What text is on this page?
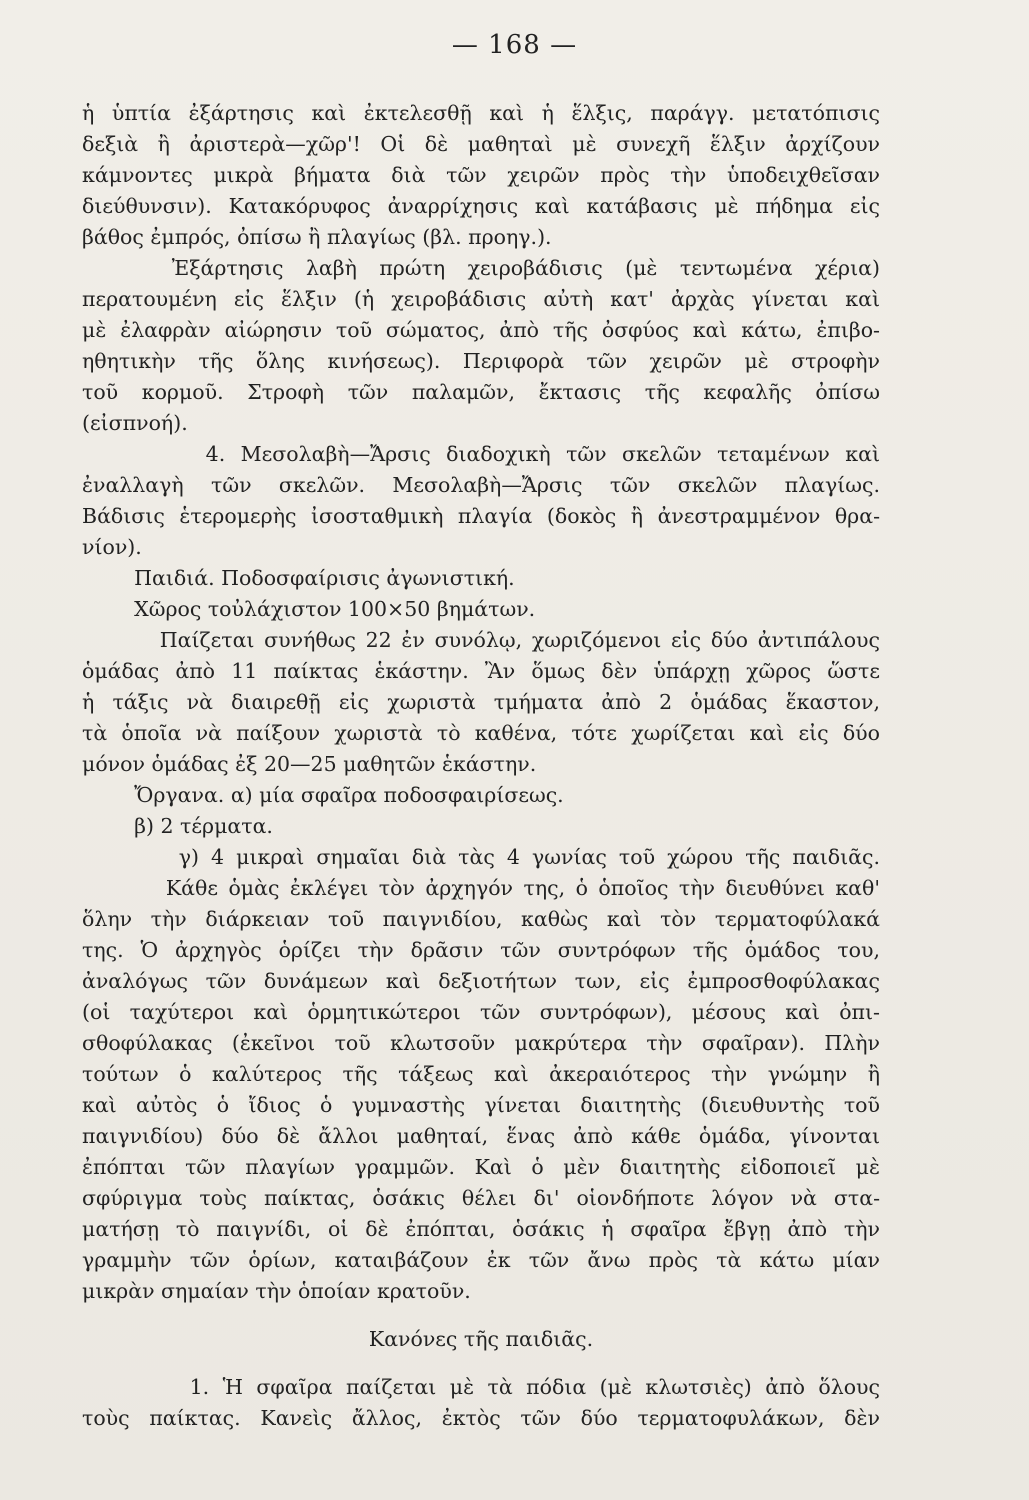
— 168 —
ἡ ὑπτία ἐξάρτησις καὶ ἐκτελεσθῇ καὶ ἡ ἕλξις, παράγγ. μετατόπισις
δεξιὰ ἢ ἀριστερὰ—χῶρ'! Οἱ δὲ μαθηταὶ μὲ συνεχῆ ἕλξιν ἀρχίζουν
κάμνοντες μικρὰ βήματα διὰ τῶν χειρῶν πρὸς τὴν ὑποδειχθεῖσαν
διεύθυνσιν). Κατακόρυφος ἀναρρίχησις καὶ κατάβασις μὲ πήδημα εἰς
βάθος ἐμπρός, ὀπίσω ἢ πλαγίως (βλ. προηγ.).
Ἐξάρτησις λαβὴ πρώτη χειροβάδισις (μὲ τεντωμένα χέρια)
περατουμένη εἰς ἕλξιν (ἡ χειροβάδισις αὐτὴ κατ' ἀρχὰς γίνεται καὶ
μὲ ἐλαφρὰν αἰώρησιν τοῦ σώματος, ἀπὸ τῆς ὀσφύος καὶ κάτω, ἐπιβο-
ηθητικὴν τῆς ὅλης κινήσεως). Περιφορὰ τῶν χειρῶν μὲ στροφὴν
τοῦ κορμοῦ. Στροφὴ τῶν παλαμῶν, ἔκτασις τῆς κεφαλῆς ὀπίσω
(εἰσπνοή).
4. Μεσολαβὴ—Ἄρσις διαδοχικὴ τῶν σκελῶν τεταμένων καὶ
ἐναλλαγὴ τῶν σκελῶν. Μεσολαβὴ—Ἄρσις τῶν σκελῶν πλαγίως.
Βάδισις ἑτερομερὴς ἰσοσταθμικὴ πλαγία (δοκὸς ἢ ἀνεστραμμένον θρα-
νίον).
Παιδιά. Ποδοσφαίρισις ἀγωνιστική.
Χῶρος τοὐλάχιστον 100×50 βημάτων.
Παίζεται συνήθως 22 ἐν συνόλῳ, χωριζόμενοι εἰς δύο ἀντιπάλους
ὁμάδας ἀπὸ 11 παίκτας ἑκάστην. Ἂν ὅμως δὲν ὑπάρχῃ χῶρος ὥστε
ἡ τάξις νὰ διαιρεθῇ εἰς χωριστὰ τμήματα ἀπὸ 2 ὁμάδας ἕκαστον,
τὰ ὁποῖα νὰ παίξουν χωριστὰ τὸ καθένα, τότε χωρίζεται καὶ εἰς δύο
μόνον ὁμάδας ἐξ 20—25 μαθητῶν ἑκάστην.
Ὄργανα. α) μία σφαῖρα ποδοσφαιρίσεως.
β) 2 τέρματα.
γ) 4 μικραὶ σημαῖαι διὰ τὰς 4 γωνίας τοῦ χώρου τῆς παιδιᾶς.
Κάθε ὁμὰς ἐκλέγει τὸν ἀρχηγόν της, ὁ ὁποῖος τὴν διευθύνει καθ'
ὅλην τὴν διάρκειαν τοῦ παιγνιδίου, καθὼς καὶ τὸν τερματοφύλακά
της. Ὁ ἀρχηγὸς ὁρίζει τὴν δρᾶσιν τῶν συντρόφων τῆς ὁμάδος του,
ἀναλόγως τῶν δυνάμεων καὶ δεξιοτήτων των, εἰς ἐμπροσθοφύλακας
(οἱ ταχύτεροι καὶ ὁρμητικώτεροι τῶν συντρόφων), μέσους καὶ ὀπι-
σθοφύλακας (ἐκεῖνοι τοῦ κλωτσοῦν μακρύτερα τὴν σφαῖραν). Πλὴν
τούτων ὁ καλύτερος τῆς τάξεως καὶ ἀκεραιότερος τὴν γνώμην ἢ
καὶ αὐτὸς ὁ ἴδιος ὁ γυμναστὴς γίνεται διαιτητὴς (διευθυντὴς τοῦ
παιγνιδίου) δύο δὲ ἄλλοι μαθηταί, ἕνας ἀπὸ κάθε ὁμάδα, γίνονται
ἐπόπται τῶν πλαγίων γραμμῶν. Καὶ ὁ μὲν διαιτητὴς εἰδοποιεῖ μὲ
σφύριγμα τοὺς παίκτας, ὁσάκις θέλει δι' οἱονδήποτε λόγον νὰ στα-
ματήσῃ τὸ παιγνίδι, οἱ δὲ ἐπόπται, ὁσάκις ἡ σφαῖρα ἔβγῃ ἀπὸ τὴν
γραμμὴν τῶν ὁρίων, καταιβάζουν ἐκ τῶν ἄνω πρὸς τὰ κάτω μίαν
μικρὰν σημαίαν τὴν ὁποίαν κρατοῦν.
Κανόνες τῆς παιδιᾶς.
1. Ἡ σφαῖρα παίζεται μὲ τὰ πόδια (μὲ κλωτσιὲς) ἀπὸ ὅλους
τοὺς παίκτας. Κανεὶς ἄλλος, ἐκτὸς τῶν δύο τερματοφυλάκων, δὲν
